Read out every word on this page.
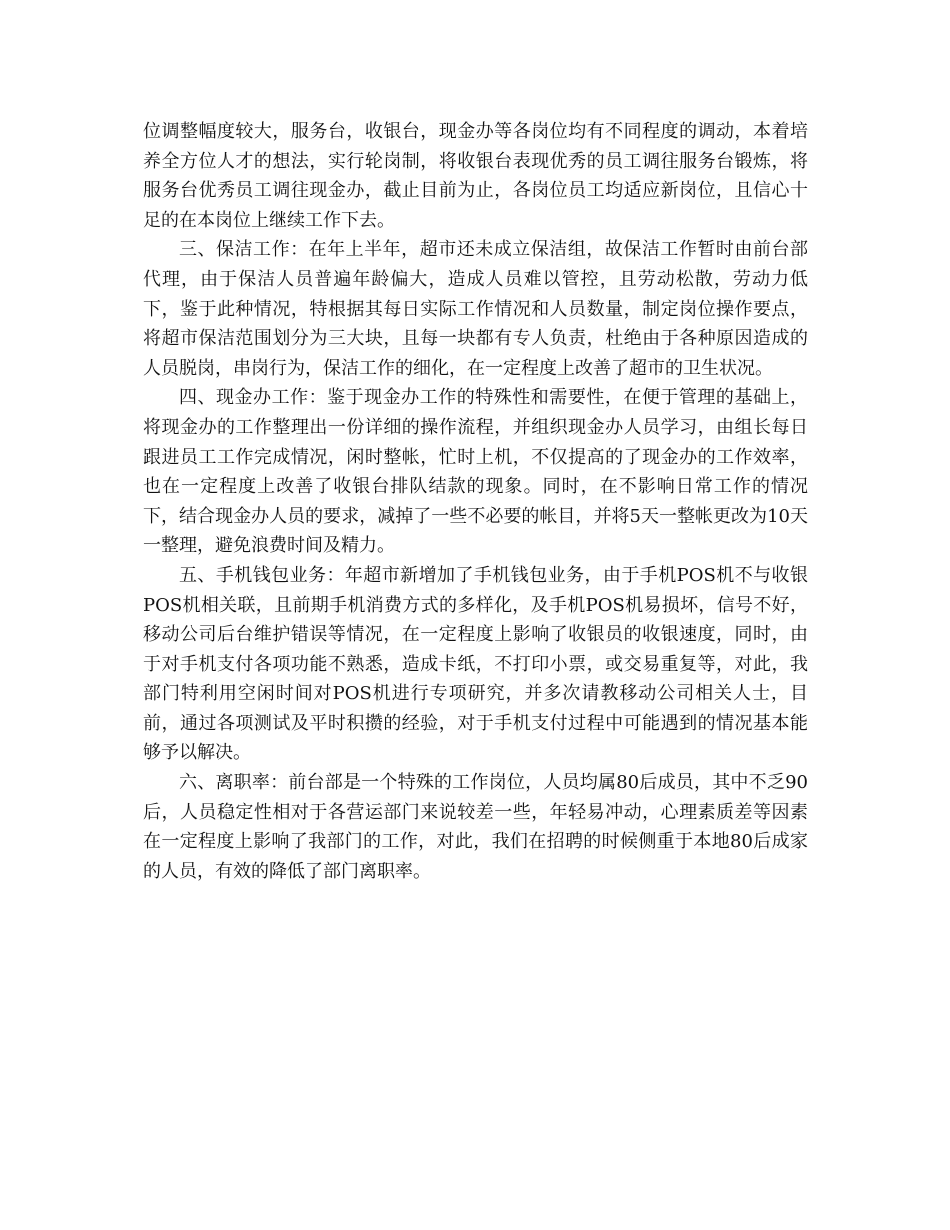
位调整幅度较大，服务台，收银台，现金办等各岗位均有不同程度的调动，本着培养全方位人才的想法，实行轮岗制，将收银台表现优秀的员工调往服务台锻炼，将服务台优秀员工调往现金办，截止目前为止，各岗位员工均适应新岗位，且信心十足的在本岗位上继续工作下去。

三、保洁工作：在年上半年，超市还未成立保洁组，故保洁工作暂时由前台部代理，由于保洁人员普遍年龄偏大，造成人员难以管控，且劳动松散，劳动力低下，鉴于此种情况，特根据其每日实际工作情况和人员数量，制定岗位操作要点，将超市保洁范围划分为三大块，且每一块都有专人负责，杜绝由于各种原因造成的人员脱岗，串岗行为，保洁工作的细化，在一定程度上改善了超市的卫生状况。

四、现金办工作：鉴于现金办工作的特殊性和需要性，在便于管理的基础上，将现金办的工作整理出一份详细的操作流程，并组织现金办人员学习，由组长每日跟进员工工作完成情况，闲时整帐，忙时上机，不仅提高的了现金办的工作效率，也在一定程度上改善了收银台排队结款的现象。同时，在不影响日常工作的情况下，结合现金办人员的要求，减掉了一些不必要的帐目，并将5天一整帐更改为10天一整理，避免浪费时间及精力。

五、手机钱包业务：年超市新增加了手机钱包业务，由于手机POS机不与收银POS机相关联，且前期手机消费方式的多样化，及手机POS机易损坏，信号不好，移动公司后台维护错误等情况，在一定程度上影响了收银员的收银速度，同时，由于对手机支付各项功能不熟悉，造成卡纸，不打印小票，或交易重复等，对此，我部门特利用空闲时间对POS机进行专项研究，并多次请教移动公司相关人士，目前，通过各项测试及平时积攒的经验，对于手机支付过程中可能遇到的情况基本能够予以解决。

六、离职率：前台部是一个特殊的工作岗位，人员均属80后成员，其中不乏90后，人员稳定性相对于各营运部门来说较差一些，年轻易冲动，心理素质差等因素在一定程度上影响了我部门的工作，对此，我们在招聘的时候侧重于本地80后成家的人员，有效的降低了部门离职率。
